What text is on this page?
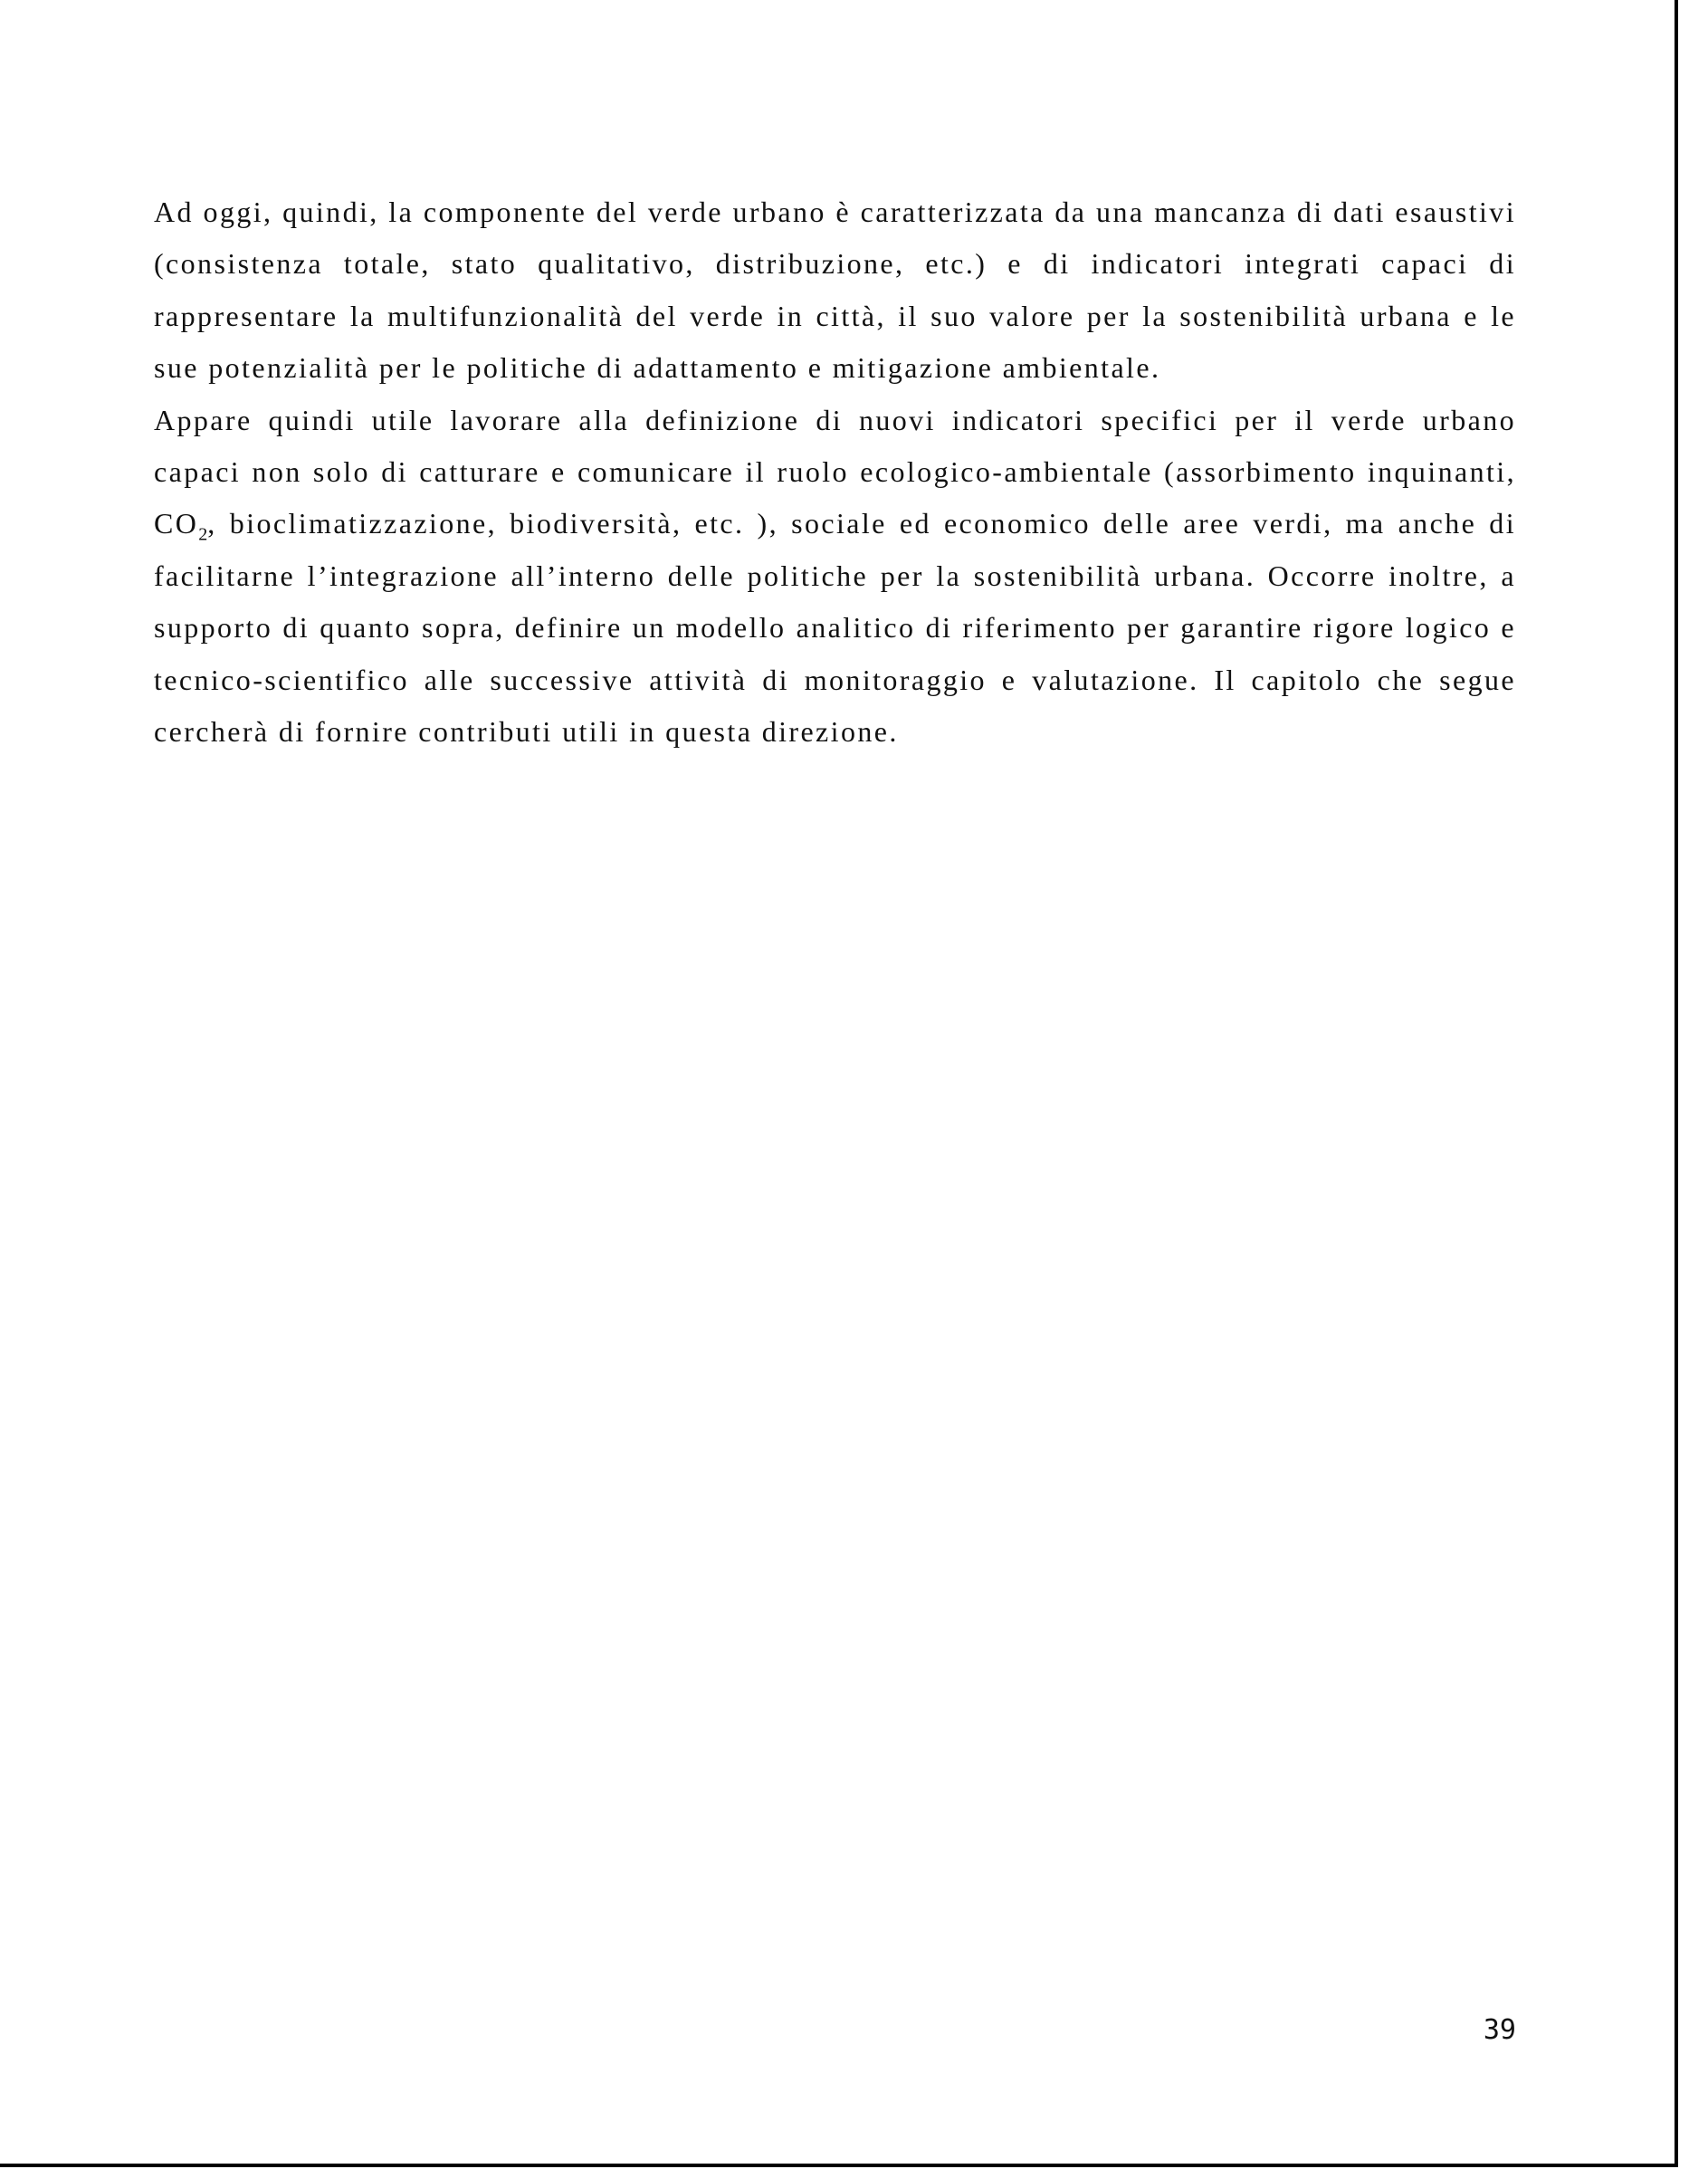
Ad oggi, quindi, la componente del verde urbano è caratterizzata da una mancanza di dati esaustivi (consistenza totale, stato qualitativo, distribuzione, etc.) e di indicatori integrati capaci di rappresentare la multifunzionalità del verde in città, il suo valore per la sostenibilità urbana e le sue potenzialità per le politiche di adattamento e mitigazione ambientale.

Appare quindi utile lavorare alla definizione di nuovi indicatori specifici per il verde urbano capaci non solo di catturare e comunicare il ruolo ecologico-ambientale (assorbimento inquinanti, $CO_2$, bioclimatizzazione, biodiversità, etc. ), sociale ed economico delle aree verdi, ma anche di facilitarne l’integrazione all’interno delle politiche per la sostenibilità urbana. Occorre inoltre, a supporto di quanto sopra, definire un modello analitico di riferimento per garantire rigore logico e tecnico-scientifico alle successive attività di monitoraggio e valutazione. Il capitolo che segue cercherà di fornire contributi utili in questa direzione.

39
